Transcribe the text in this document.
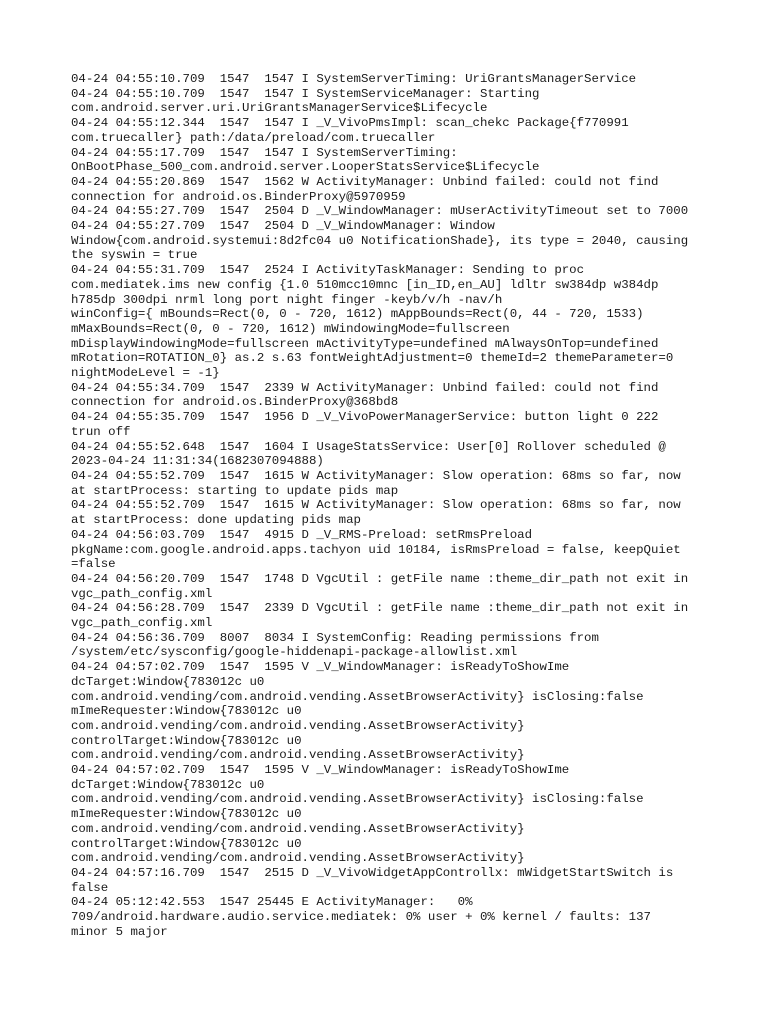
04-24 04:55:10.709  1547  1547 I SystemServerTiming: UriGrantsManagerService
04-24 04:55:10.709  1547  1547 I SystemServiceManager: Starting
com.android.server.uri.UriGrantsManagerService$Lifecycle
04-24 04:55:12.344  1547  1547 I _V_VivoPmsImpl: scan_chekc Package{f770991
com.truecaller} path:/data/preload/com.truecaller
04-24 04:55:17.709  1547  1547 I SystemServerTiming:
OnBootPhase_500_com.android.server.LooperStatsService$Lifecycle
04-24 04:55:20.869  1547  1562 W ActivityManager: Unbind failed: could not find
connection for android.os.BinderProxy@5970959
04-24 04:55:27.709  1547  2504 D _V_WindowManager: mUserActivityTimeout set to 7000
04-24 04:55:27.709  1547  2504 D _V_WindowManager: Window
Window{com.android.systemui:8d2fc04 u0 NotificationShade}, its type = 2040, causing
the syswin = true
04-24 04:55:31.709  1547  2524 I ActivityTaskManager: Sending to proc
com.mediatek.ims new config {1.0 510mcc10mnc [in_ID,en_AU] ldltr sw384dp w384dp
h785dp 300dpi nrml long port night finger -keyb/v/h -nav/h
winConfig={ mBounds=Rect(0, 0 - 720, 1612) mAppBounds=Rect(0, 44 - 720, 1533)
mMaxBounds=Rect(0, 0 - 720, 1612) mWindowingMode=fullscreen
mDisplayWindowingMode=fullscreen mActivityType=undefined mAlwaysOnTop=undefined
mRotation=ROTATION_0} as.2 s.63 fontWeightAdjustment=0 themeId=2 themeParameter=0
nightModeLevel = -1}
04-24 04:55:34.709  1547  2339 W ActivityManager: Unbind failed: could not find
connection for android.os.BinderProxy@368bd8
04-24 04:55:35.709  1547  1956 D _V_VivoPowerManagerService: button light 0 222
trun off
04-24 04:55:52.648  1547  1604 I UsageStatsService: User[0] Rollover scheduled @
2023-04-24 11:31:34(1682307094888)
04-24 04:55:52.709  1547  1615 W ActivityManager: Slow operation: 68ms so far, now
at startProcess: starting to update pids map
04-24 04:55:52.709  1547  1615 W ActivityManager: Slow operation: 68ms so far, now
at startProcess: done updating pids map
04-24 04:56:03.709  1547  4915 D _V_RMS-Preload: setRmsPreload
pkgName:com.google.android.apps.tachyon uid 10184, isRmsPreload = false, keepQuiet
=false
04-24 04:56:20.709  1547  1748 D VgcUtil : getFile name :theme_dir_path not exit in
vgc_path_config.xml
04-24 04:56:28.709  1547  2339 D VgcUtil : getFile name :theme_dir_path not exit in
vgc_path_config.xml
04-24 04:56:36.709  8007  8034 I SystemConfig: Reading permissions from
/system/etc/sysconfig/google-hiddenapi-package-allowlist.xml
04-24 04:57:02.709  1547  1595 V _V_WindowManager: isReadyToShowIme
dcTarget:Window{783012c u0
com.android.vending/com.android.vending.AssetBrowserActivity} isClosing:false
mImeRequester:Window{783012c u0
com.android.vending/com.android.vending.AssetBrowserActivity}
controlTarget:Window{783012c u0
com.android.vending/com.android.vending.AssetBrowserActivity}
04-24 04:57:02.709  1547  1595 V _V_WindowManager: isReadyToShowIme
dcTarget:Window{783012c u0
com.android.vending/com.android.vending.AssetBrowserActivity} isClosing:false
mImeRequester:Window{783012c u0
com.android.vending/com.android.vending.AssetBrowserActivity}
controlTarget:Window{783012c u0
com.android.vending/com.android.vending.AssetBrowserActivity}
04-24 04:57:16.709  1547  2515 D _V_VivoWidgetAppControllx: mWidgetStartSwitch is
false
04-24 05:12:42.553  1547 25445 E ActivityManager:   0%
709/android.hardware.audio.service.mediatek: 0% user + 0% kernel / faults: 137
minor 5 major
